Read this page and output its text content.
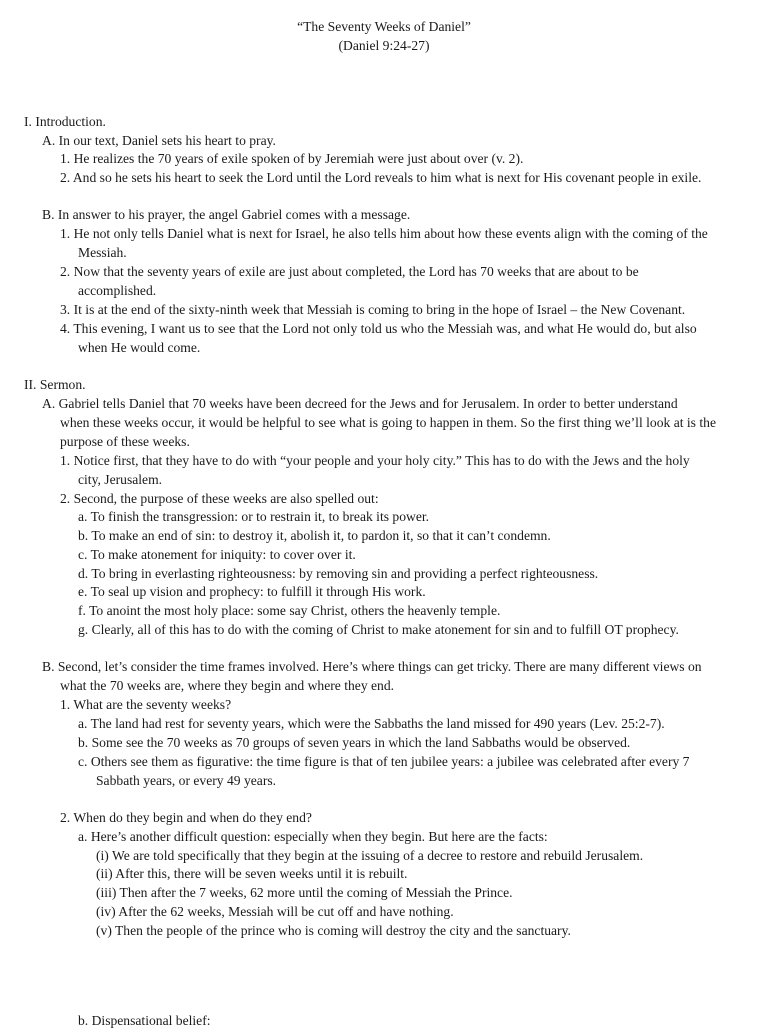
“The Seventy Weeks of Daniel”
(Daniel 9:24-27)
I. Introduction.
A. In our text, Daniel sets his heart to pray.
1. He realizes the 70 years of exile spoken of by Jeremiah were just about over (v. 2).
2. And so he sets his heart to seek the Lord until the Lord reveals to him what is next for His covenant people in exile.
B. In answer to his prayer, the angel Gabriel comes with a message.
1. He not only tells Daniel what is next for Israel, he also tells him about how these events align with the coming of the
Messiah.
2. Now that the seventy years of exile are just about completed, the Lord has 70 weeks that are about to be
accomplished.
3. It is at the end of the sixty-ninth week that Messiah is coming to bring in the hope of Israel – the New Covenant.
4. This evening, I want us to see that the Lord not only told us who the Messiah was, and what He would do, but also
when He would come.
II. Sermon.
A. Gabriel tells Daniel that 70 weeks have been decreed for the Jews and for Jerusalem. In order to better understand
when these weeks occur, it would be helpful to see what is going to happen in them. So the first thing we’ll look at is the
purpose of these weeks.
1. Notice first, that they have to do with “your people and your holy city.” This has to do with the Jews and the holy
city, Jerusalem.
2. Second, the purpose of these weeks are also spelled out:
a. To finish the transgression: or to restrain it, to break its power.
b. To make an end of sin: to destroy it, abolish it, to pardon it, so that it can’t condemn.
c. To make atonement for iniquity: to cover over it.
d. To bring in everlasting righteousness: by removing sin and providing a perfect righteousness.
e. To seal up vision and prophecy: to fulfill it through His work.
f. To anoint the most holy place: some say Christ, others the heavenly temple.
g. Clearly, all of this has to do with the coming of Christ to make atonement for sin and to fulfill OT prophecy.
B. Second, let’s consider the time frames involved. Here’s where things can get tricky. There are many different views on
what the 70 weeks are, where they begin and where they end.
1. What are the seventy weeks?
a. The land had rest for seventy years, which were the Sabbaths the land missed for 490 years (Lev. 25:2-7).
b. Some see the 70 weeks as 70 groups of seven years in which the land Sabbaths would be observed.
c. Others see them as figurative: the time figure is that of ten jubilee years: a jubilee was celebrated after every 7
Sabbath years, or every 49 years.
2. When do they begin and when do they end?
a. Here’s another difficult question: especially when they begin. But here are the facts:
(i) We are told specifically that they begin at the issuing of a decree to restore and rebuild Jerusalem.
(ii) After this, there will be seven weeks until it is rebuilt.
(iii) Then after the 7 weeks, 62 more until the coming of Messiah the Prince.
(iv) After the 62 weeks, Messiah will be cut off and have nothing.
(v) Then the people of the prince who is coming will destroy the city and the sanctuary.
b. Dispensational belief:
